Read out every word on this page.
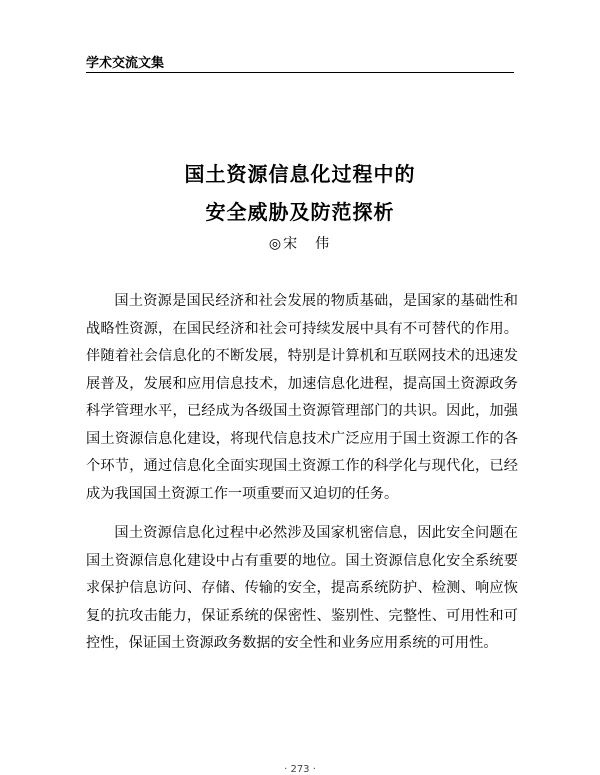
学术交流文集
国土资源信息化过程中的
安全威胁及防范探析
◎宋　伟

国土资源是国民经济和社会发展的物质基础，是国家的基础性和战略性资源，在国民经济和社会可持续发展中具有不可替代的作用。伴随着社会信息化的不断发展，特别是计算机和互联网技术的迅速发展普及，发展和应用信息技术，加速信息化进程，提高国土资源政务科学管理水平，已经成为各级国土资源管理部门的共识。因此，加强国土资源信息化建设，将现代信息技术广泛应用于国土资源工作的各个环节，通过信息化全面实现国土资源工作的科学化与现代化，已经成为我国国土资源工作一项重要而又迫切的任务。

国土资源信息化过程中必然涉及国家机密信息，因此安全问题在国土资源信息化建设中占有重要的地位。国土资源信息化安全系统要求保护信息访问、存储、传输的安全，提高系统防护、检测、响应恢复的抗攻击能力，保证系统的保密性、鉴别性、完整性、可用性和可控性，保证国土资源政务数据的安全性和业务应用系统的可用性。

· 273 ·
